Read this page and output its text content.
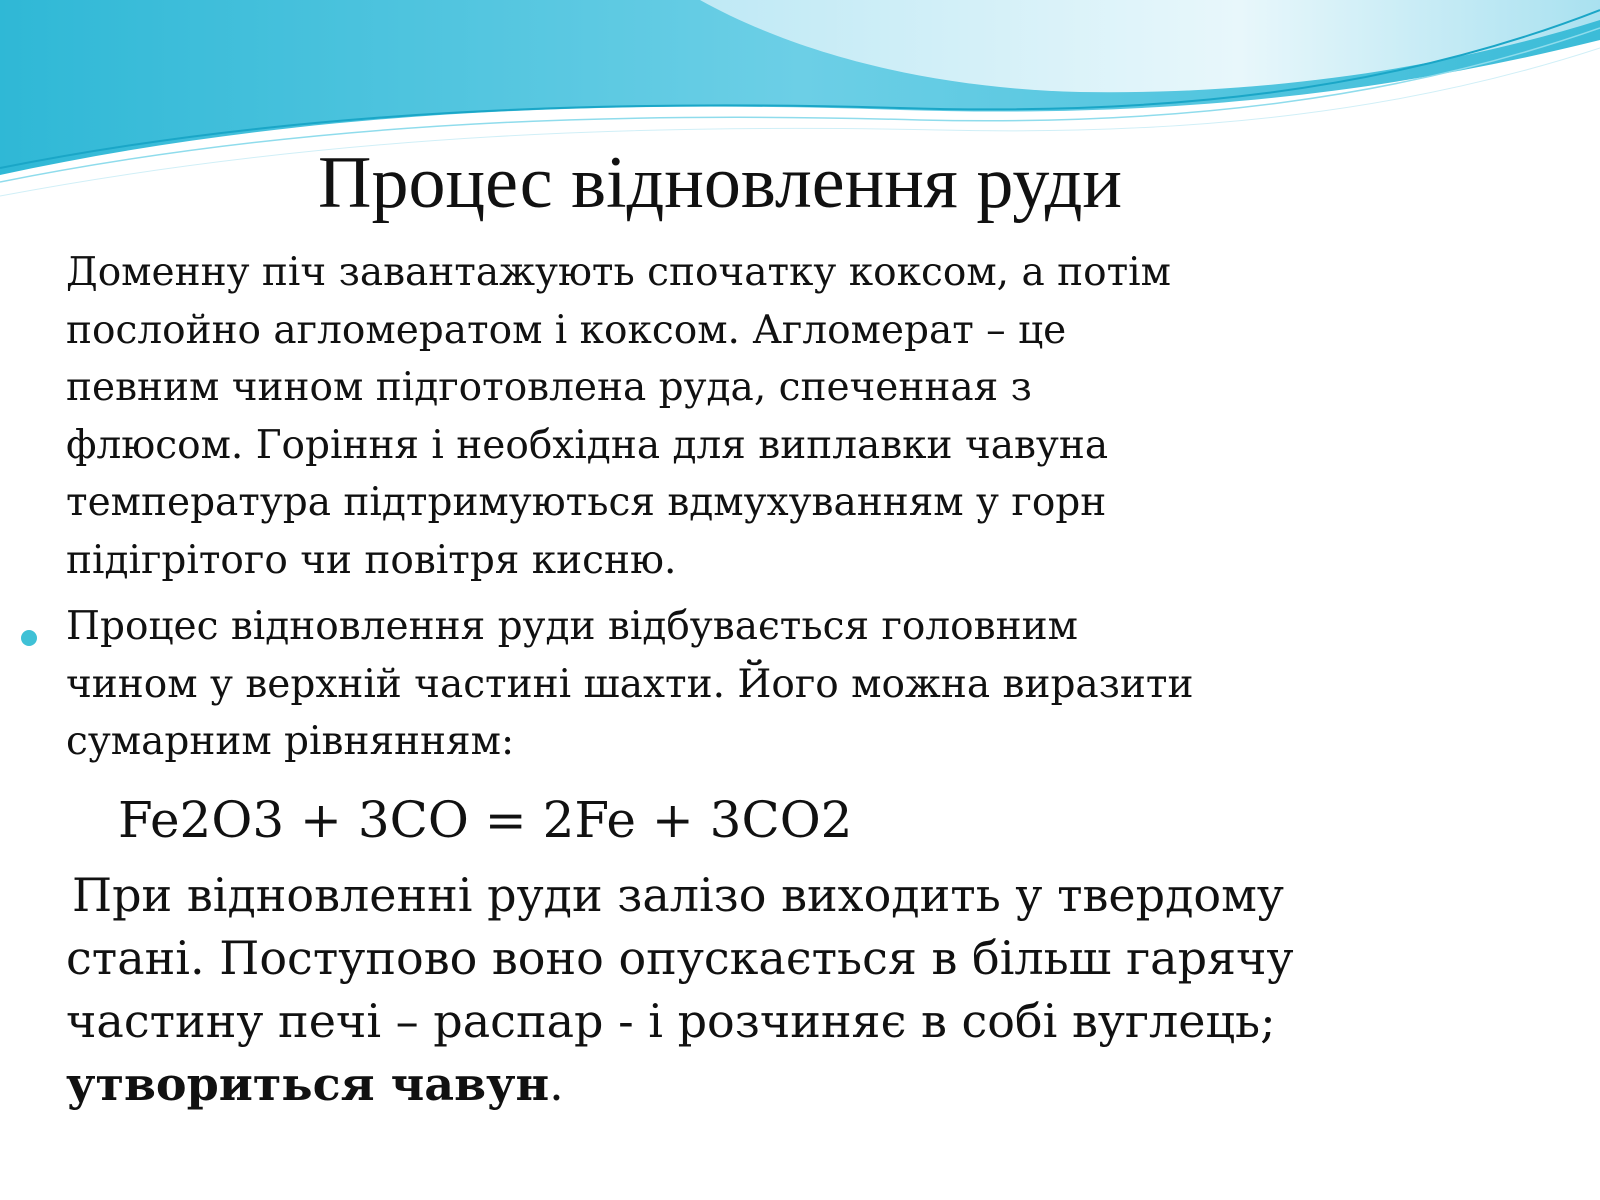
Процес відновлення руди

Доменну піч завантажують спочатку коксом, а потім
послойно агломератом і коксом. Агломерат – це
певним чином підготовлена руда, спеченная з
флюсом. Горіння і необхідна для виплавки чавуна
температура підтримуються вдмухуванням у горн
підігрітого чи повітря кисню.

Процес відновлення руди відбувається головним
чином у верхній частині шахти. Його можна виразити
сумарним рівнянням:

Fe2O3 + 3CO = 2Fe + 3CO2

При відновленні руди залізо виходить у твердому
стані. Поступово воно опускається в більш гарячу
частину печі – распар - і розчиняє в собі вуглець;
утвориться чавун.
